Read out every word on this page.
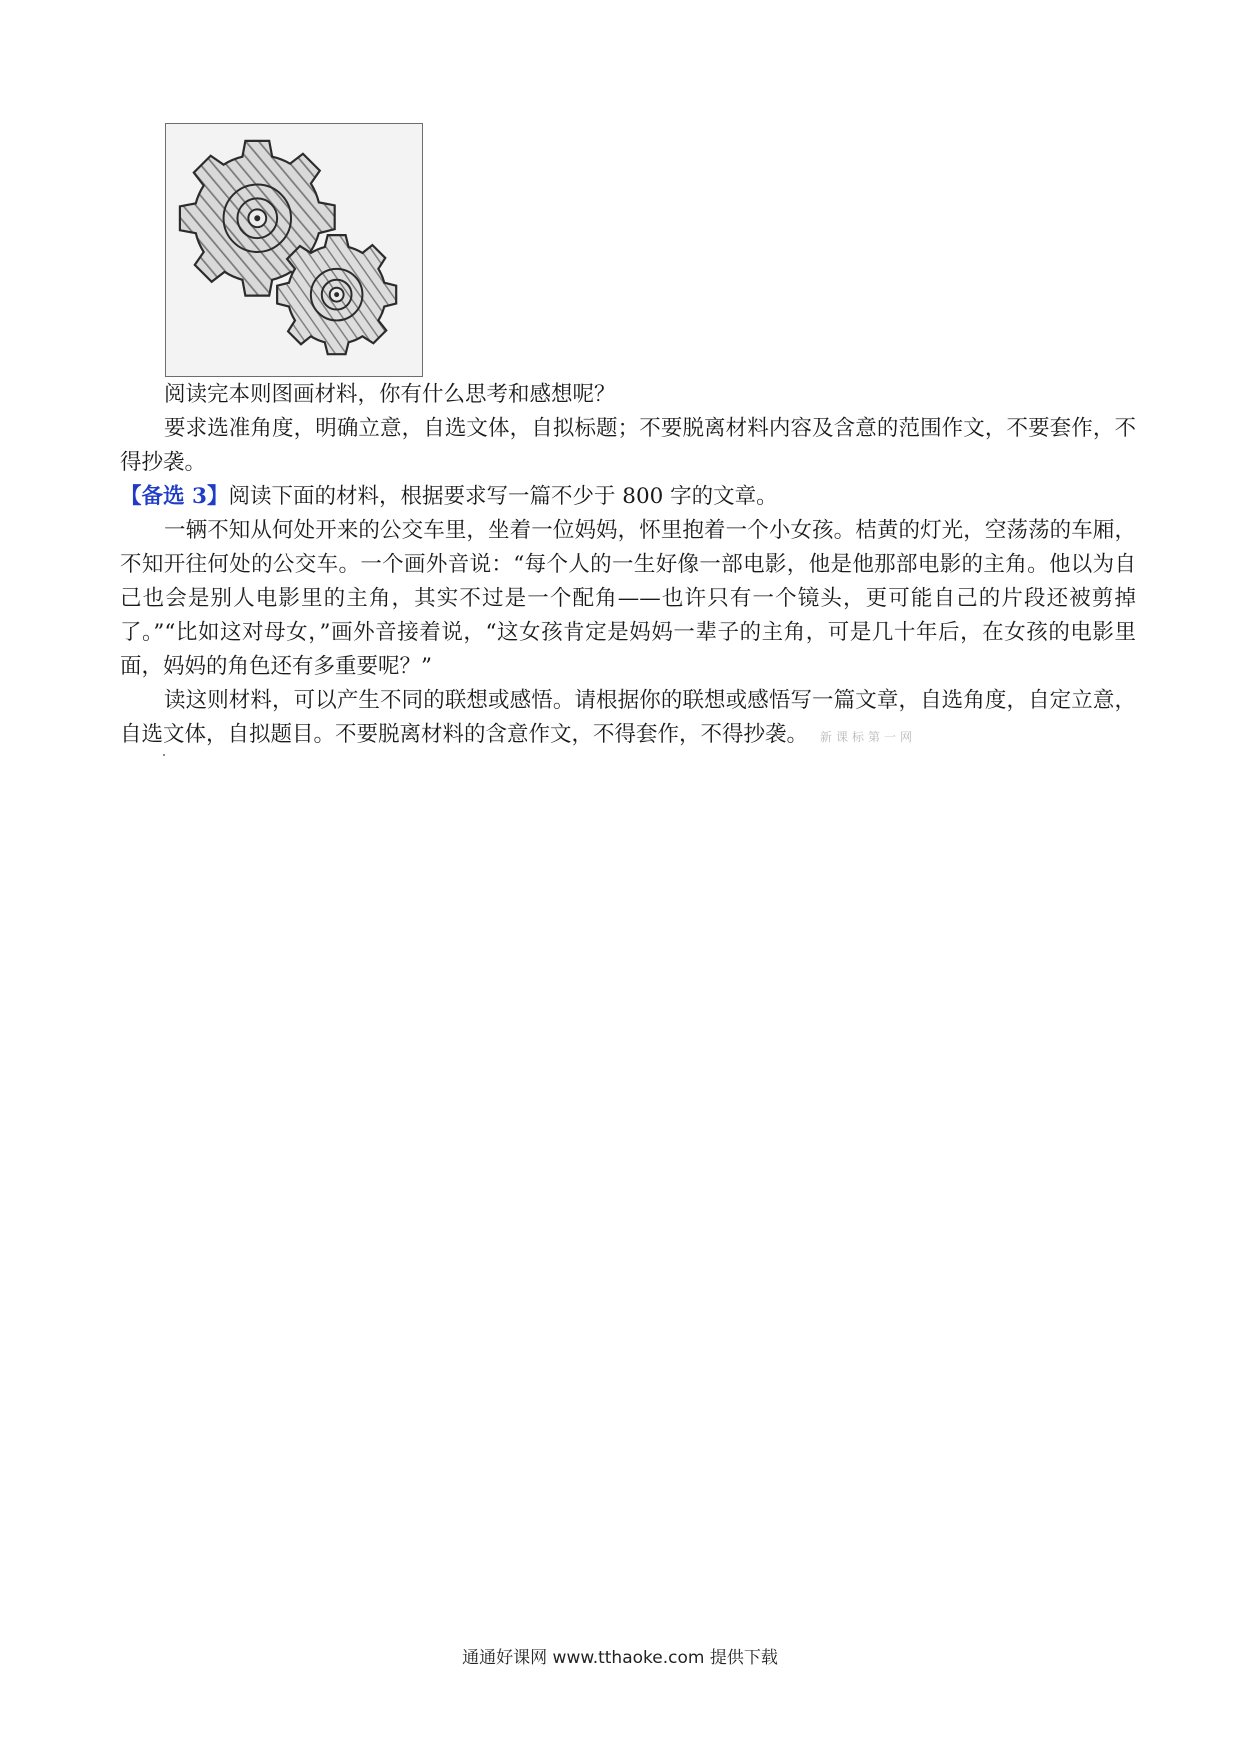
阅读完本则图画材料，你有什么思考和感想呢？

要求选准角度，明确立意，自选文体，自拟标题；不要脱离材料内容及含意的范围作文，不要套作，不得抄袭。

【备选 3】阅读下面的材料，根据要求写一篇不少于 800 字的文章。

一辆不知从何处开来的公交车里，坐着一位妈妈，怀里抱着一个小女孩。桔黄的灯光，空荡荡的车厢，不知开往何处的公交车。一个画外音说：“每个人的一生好像一部电影，他是他那部电影的主角。他以为自己也会是别人电影里的主角，其实不过是一个配角——也许只有一个镜头，更可能自己的片段还被剪掉了。”“比如这对母女，”画外音接着说，“这女孩肯定是妈妈一辈子的主角，可是几十年后，在女孩的电影里面，妈妈的角色还有多重要呢？”

读这则材料，可以产生不同的联想或感悟。请根据你的联想或感悟写一篇文章，自选角度，自定立意，自选文体，自拟题目。不要脱离材料的含意作文，不得套作，不得抄袭。 新课标第一网

通通好课网 www.tthaoke.com 提供下载
